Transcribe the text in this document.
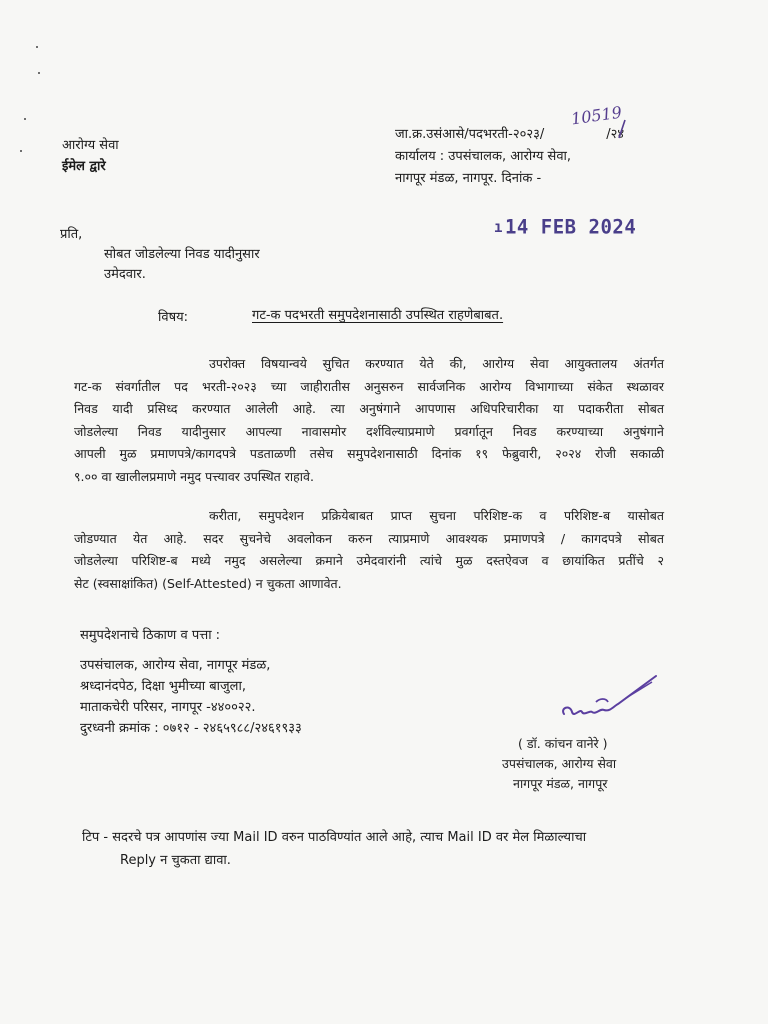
आरोग्य सेवा
ईमेल द्वारे
जा.क्र.उसंआसे/पदभरती-२०२३/	/२४
10519
कार्यालय : उपसंचालक, आरोग्य सेवा,
नागपूर मंडळ, नागपूर. दिनांक -
ı 14 FEB 2024
प्रति,
सोबत जोडलेल्या निवड यादीनुसार
उमेदवार.
विषय:	गट-क पदभरती समुपदेशनासाठी उपस्थित राहणेबाबत.
उपरोक्त विषयान्वये सुचित करण्यात येते की, आरोग्य सेवा आयुक्तालय अंतर्गत
गट-क संवर्गातील पद भरती-२०२३ च्या जाहीरातीस अनुसरुन सार्वजनिक आरोग्य विभागाच्या संकेत स्थळावर
निवड यादी प्रसिध्द करण्यात आलेली आहे. त्या अनुषंगाने आपणास अधिपरिचारीका या पदाकरीता सोबत
जोडलेल्या निवड यादीनुसार आपल्या नावासमोर दर्शविल्याप्रमाणे प्रवर्गातून निवड करण्याच्या अनुषंगाने
आपली मुळ प्रमाणपत्रे/कागदपत्रे पडताळणी तसेच समुपदेशनासाठी दिनांक १९ फेब्रुवारी, २०२४ रोजी सकाळी
९.०० वा खालीलप्रमाणे नमुद पत्त्यावर उपस्थित राहावे.
करीता, समुपदेशन प्रक्रियेबाबत प्राप्त सुचना परिशिष्ट-क व परिशिष्ट-ब यासोबत
जोडण्यात येत आहे. सदर सुचनेचे अवलोकन करुन त्याप्रमाणे आवश्यक प्रमाणपत्रे / कागदपत्रे सोबत
जोडलेल्या परिशिष्ट-ब मध्ये नमुद असलेल्या क्रमाने उमेदवारांनी त्यांचे मुळ दस्तऐवज व छायांकित प्रतींचे २
सेट (स्वसाक्षांकित) (Self-Attested) न चुकता आणावेत.
समुपदेशनाचे ठिकाण व पत्ता :
उपसंचालक, आरोग्य सेवा, नागपूर मंडळ,
श्रध्दानंदपेठ, दिक्षा भुमीच्या बाजुला,
माताकचेरी परिसर, नागपूर -४४००२२.
दुरध्वनी क्रमांक : ०७१२ - २४६५९८८/२४६१९३३
( डॉ. कांचन वानेरे )
उपसंचालक, आरोग्य सेवा
नागपूर मंडळ, नागपूर
टिप - सदरचे पत्र आपणांस ज्या Mail ID वरुन पाठविण्यांत आले आहे, त्याच Mail ID वर मेल मिळाल्याचा
Reply न चुकता द्यावा.
